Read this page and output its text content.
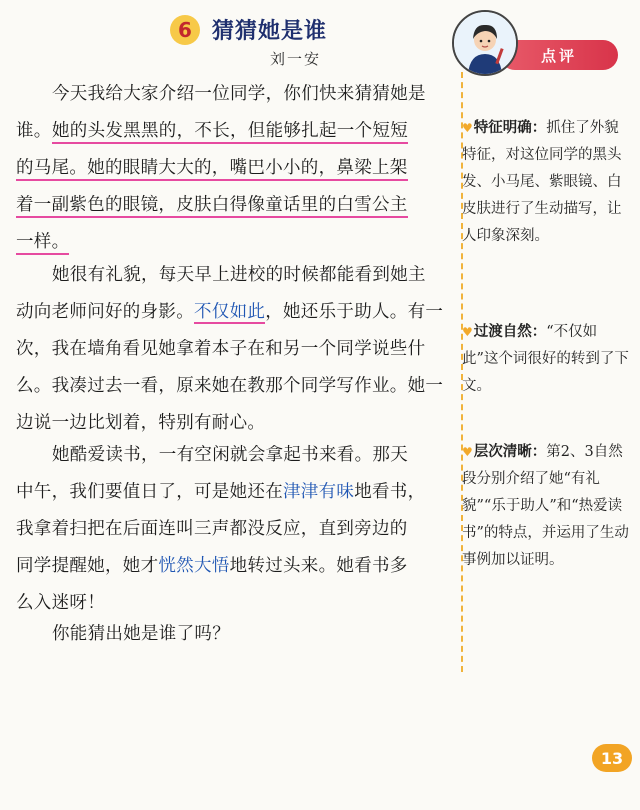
6 猜猜她是谁
刘一安	点评
今天我给大家介绍一位同学，你们快来猜猜她是谁。 她的头发黑黑的，不长，但能够扎起一个短短
的马尾。她的眼睛大大的，嘴巴小小的，鼻梁上架
着一副紫色的眼镜，皮肤白得像童话里的白雪公主
一样。
她很有礼貌，每天早上进校的时候都能看到她主
动向老师问好的身影。不仅如此，她还乐于助人。有一
次，我在墙角看见她拿着本子在和另一个同学说些什
么。我凑过去一看，原来她在教那个同学写作业。她一
边说一边比划着，特别有耐心。
她酷爱读书，一有空闲就会拿起书来看。那天
中午，我们要值日了，可是她还在津津有味地看书，
我拿着扫把在后面连叫三声都没反应，直到旁边的
同学提醒她，她才恍然大悟地转过头来。她看书多
么入迷呀！
你能猜出她是谁了吗？
♥特征明确：抓住了外貌特征，对这位同学的黑头发、小马尾、紫眼镜、白皮肤进行了生动描写，让人印象深刻。
♥过渡自然：“不仅如此”这个词很好的转到了下文。
♥层次清晰：第2、3自然段分别介绍了她“有礼貌”“乐于助人”和“热爱读书”的特点，并运用了生动事例加以证明。
13
